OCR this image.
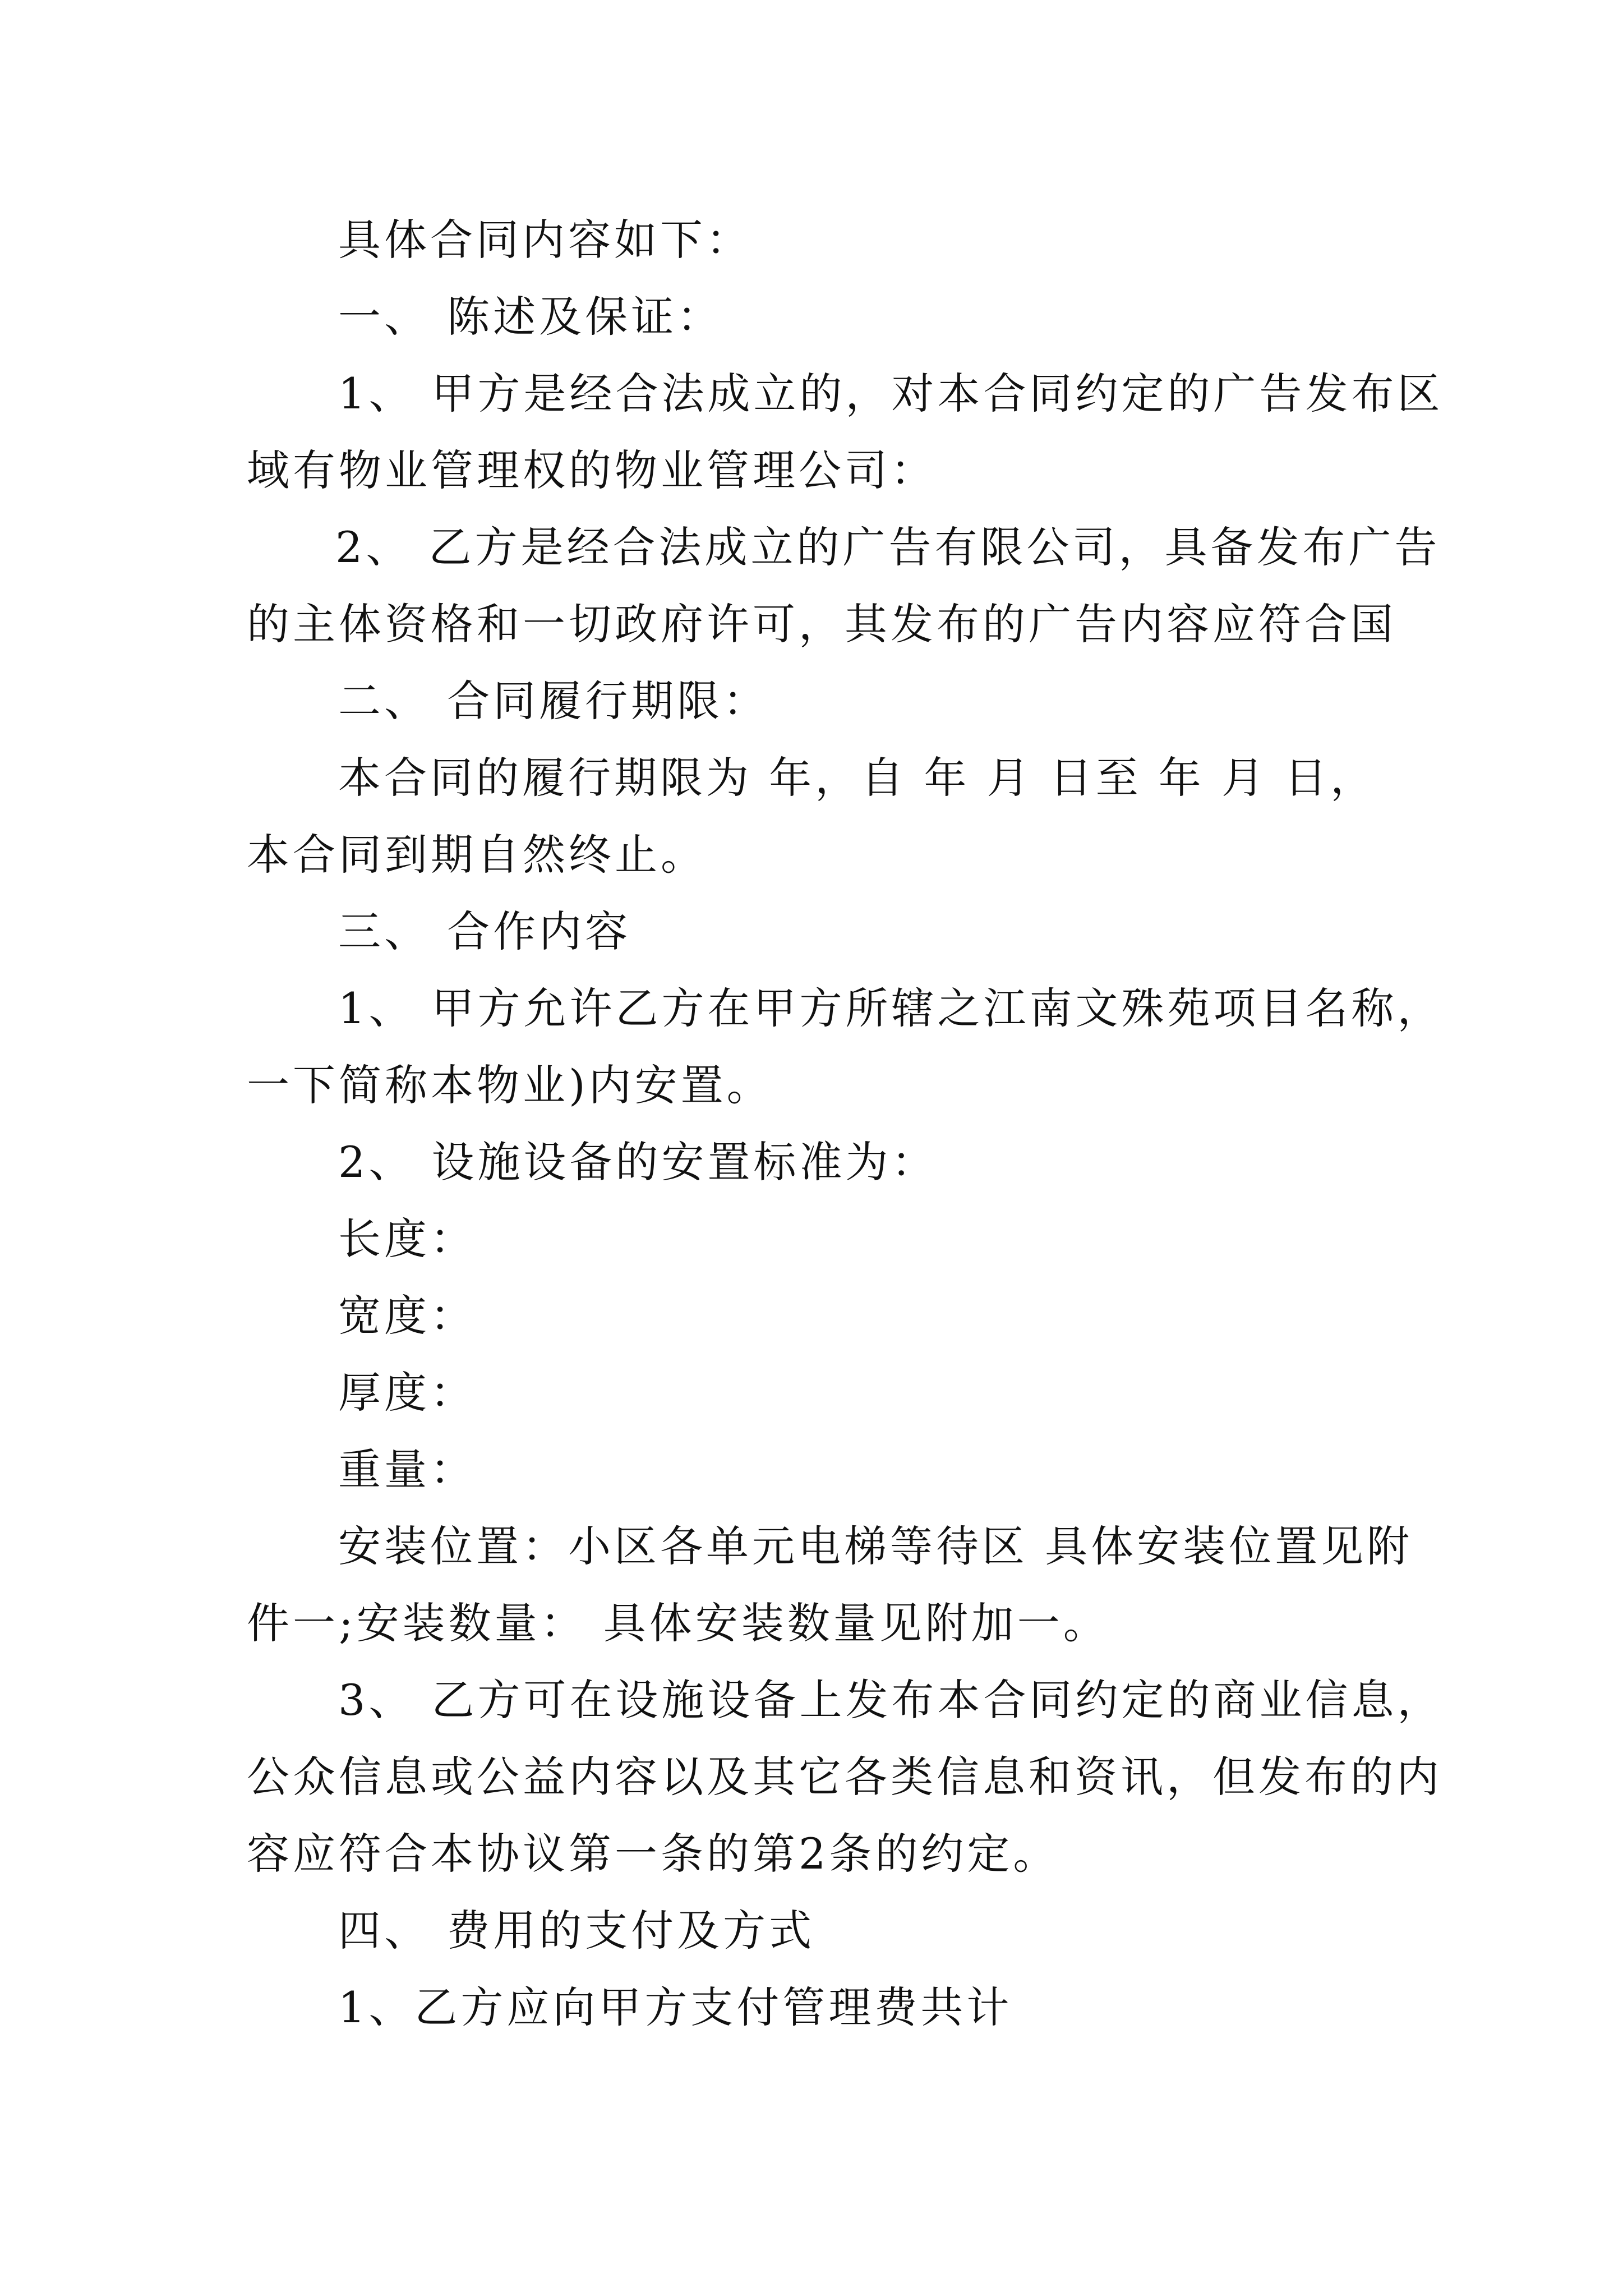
具体合同内容如下：
一、 陈述及保证：
1、 甲方是经合法成立的，对本合同约定的广告发布区
域有物业管理权的物业管理公司：
2、 乙方是经合法成立的广告有限公司，具备发布广告
的主体资格和一切政府许可，其发布的广告内容应符合国
二、 合同履行期限：
本合同的履行期限为 年，自 年 月 日至 年 月 日，
本合同到期自然终止。
三、 合作内容
1、 甲方允许乙方在甲方所辖之江南文殊苑项目名称，
一下简称本物业)内安置。
2、 设施设备的安置标准为：
长度：
宽度：
厚度：
重量：
安装位置：小区各单元电梯等待区 具体安装位置见附
件一;安装数量： 具体安装数量见附加一。
3、 乙方可在设施设备上发布本合同约定的商业信息，
公众信息或公益内容以及其它各类信息和资讯，但发布的内
容应符合本协议第一条的第2条的约定。
四、 费用的支付及方式
1、乙方应向甲方支付管理费共计
